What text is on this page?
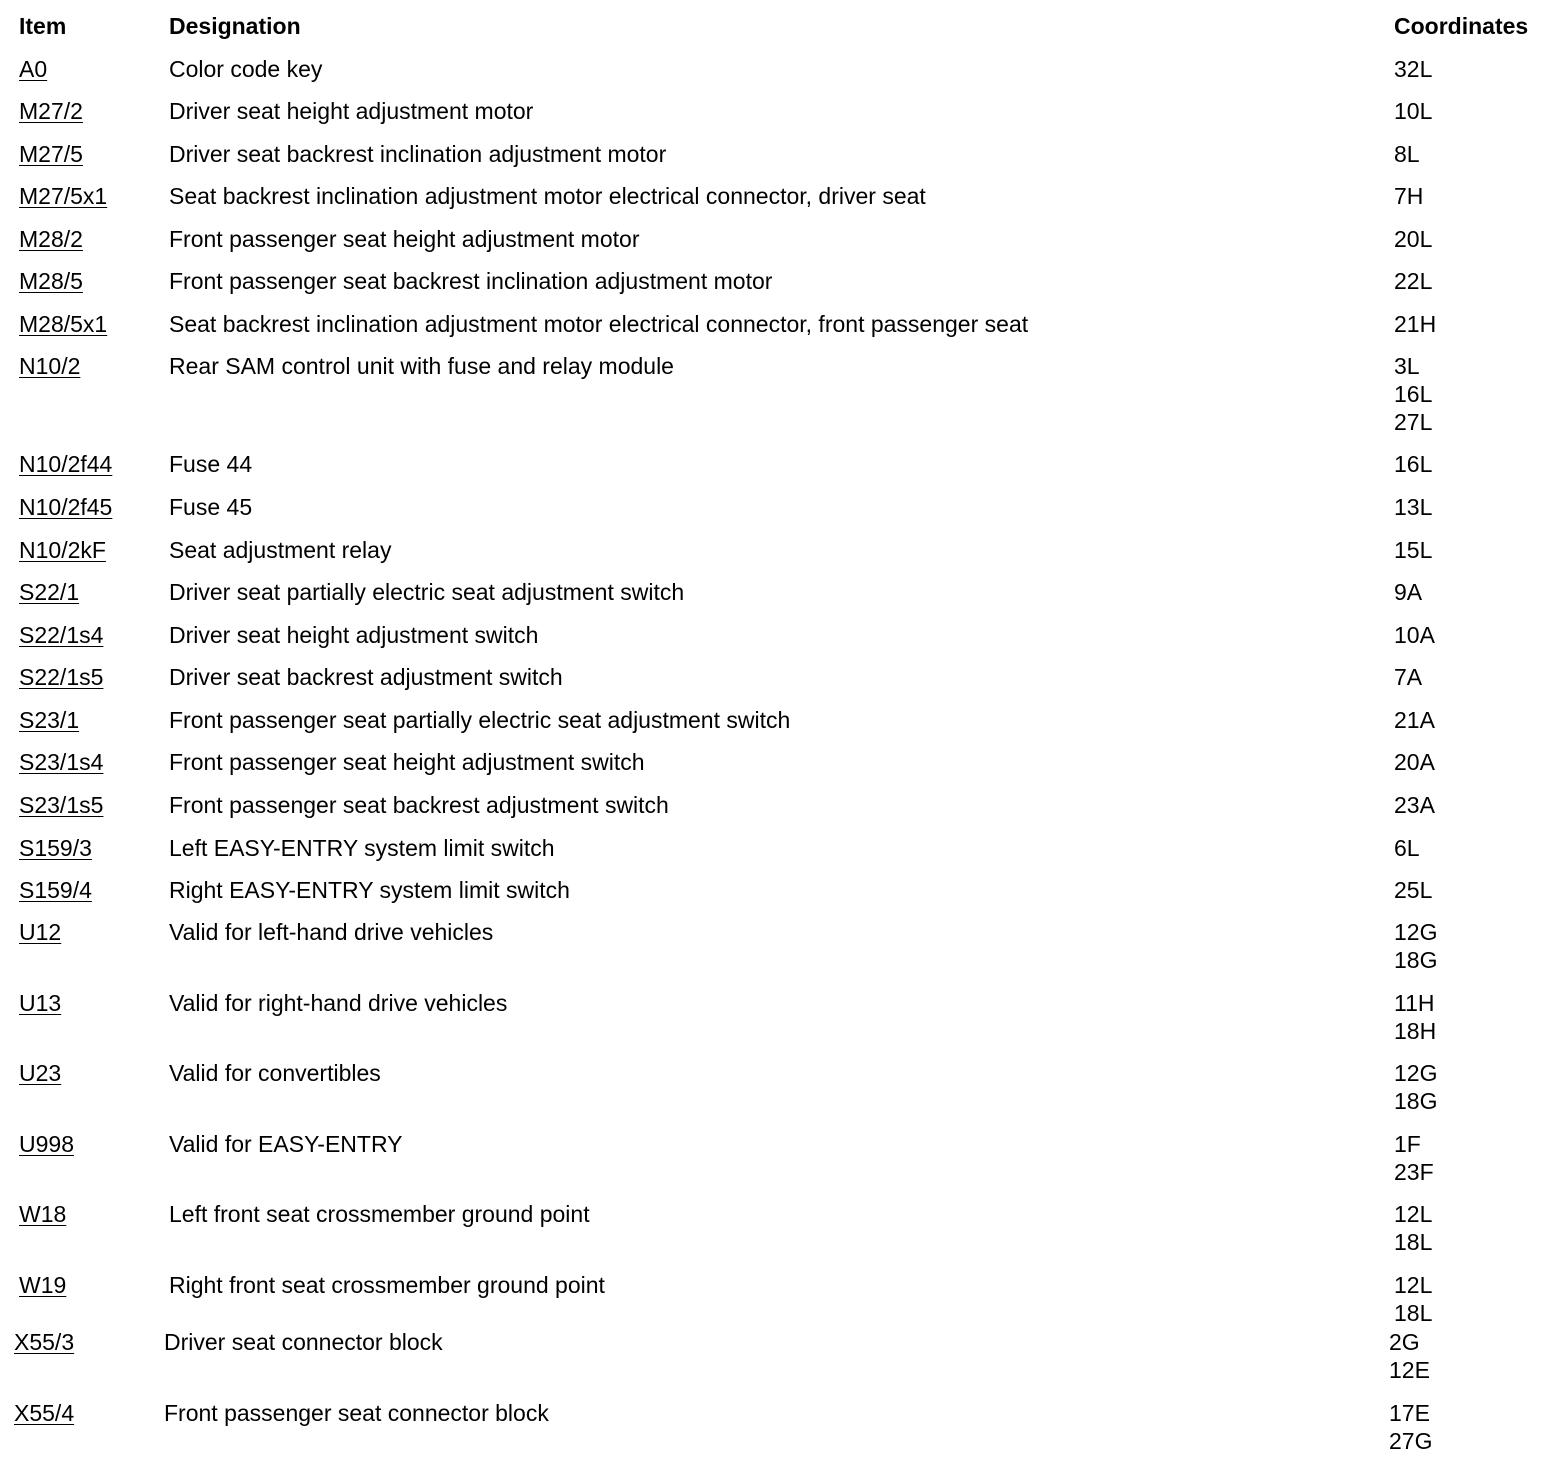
Item	Designation	Coordinates
A0	Color code key	32L
M27/2	Driver seat height adjustment motor	10L
M27/5	Driver seat backrest inclination adjustment motor	8L
M27/5x1	Seat backrest inclination adjustment motor electrical connector, driver seat	7H
M28/2	Front passenger seat height adjustment motor	20L
M28/5	Front passenger seat backrest inclination adjustment motor	22L
M28/5x1	Seat backrest inclination adjustment motor electrical connector, front passenger seat	21H
N10/2	Rear SAM control unit with fuse and relay module	3L
16L
27L
N10/2f44 Fuse 44	16L
N10/2f45 Fuse 45	13L
N10/2kF	Seat adjustment relay	15L
S22/1	Driver seat partially electric seat adjustment switch	9A
S22/1s4	Driver seat height adjustment switch	10A
S22/1s5	Driver seat backrest adjustment switch	7A
S23/1	Front passenger seat partially electric seat adjustment switch	21A
S23/1s4	Front passenger seat height adjustment switch	20A
S23/1s5	Front passenger seat backrest adjustment switch	23A
S159/3	Left EASY-ENTRY system limit switch	6L
S159/4	Right EASY-ENTRY system limit switch	25L
U12	Valid for left-hand drive vehicles	12G
18G
U13	Valid for right-hand drive vehicles	11H
18H
U23	Valid for convertibles	12G
18G
U998	Valid for EASY-ENTRY	1F
23F
W18	Left front seat crossmember ground point	12L
18L
W19	Right front seat crossmember ground point	12L
18L
X55/3	Driver seat connector block	2G
12E
X55/4	Front passenger seat connector block	17E
27G
